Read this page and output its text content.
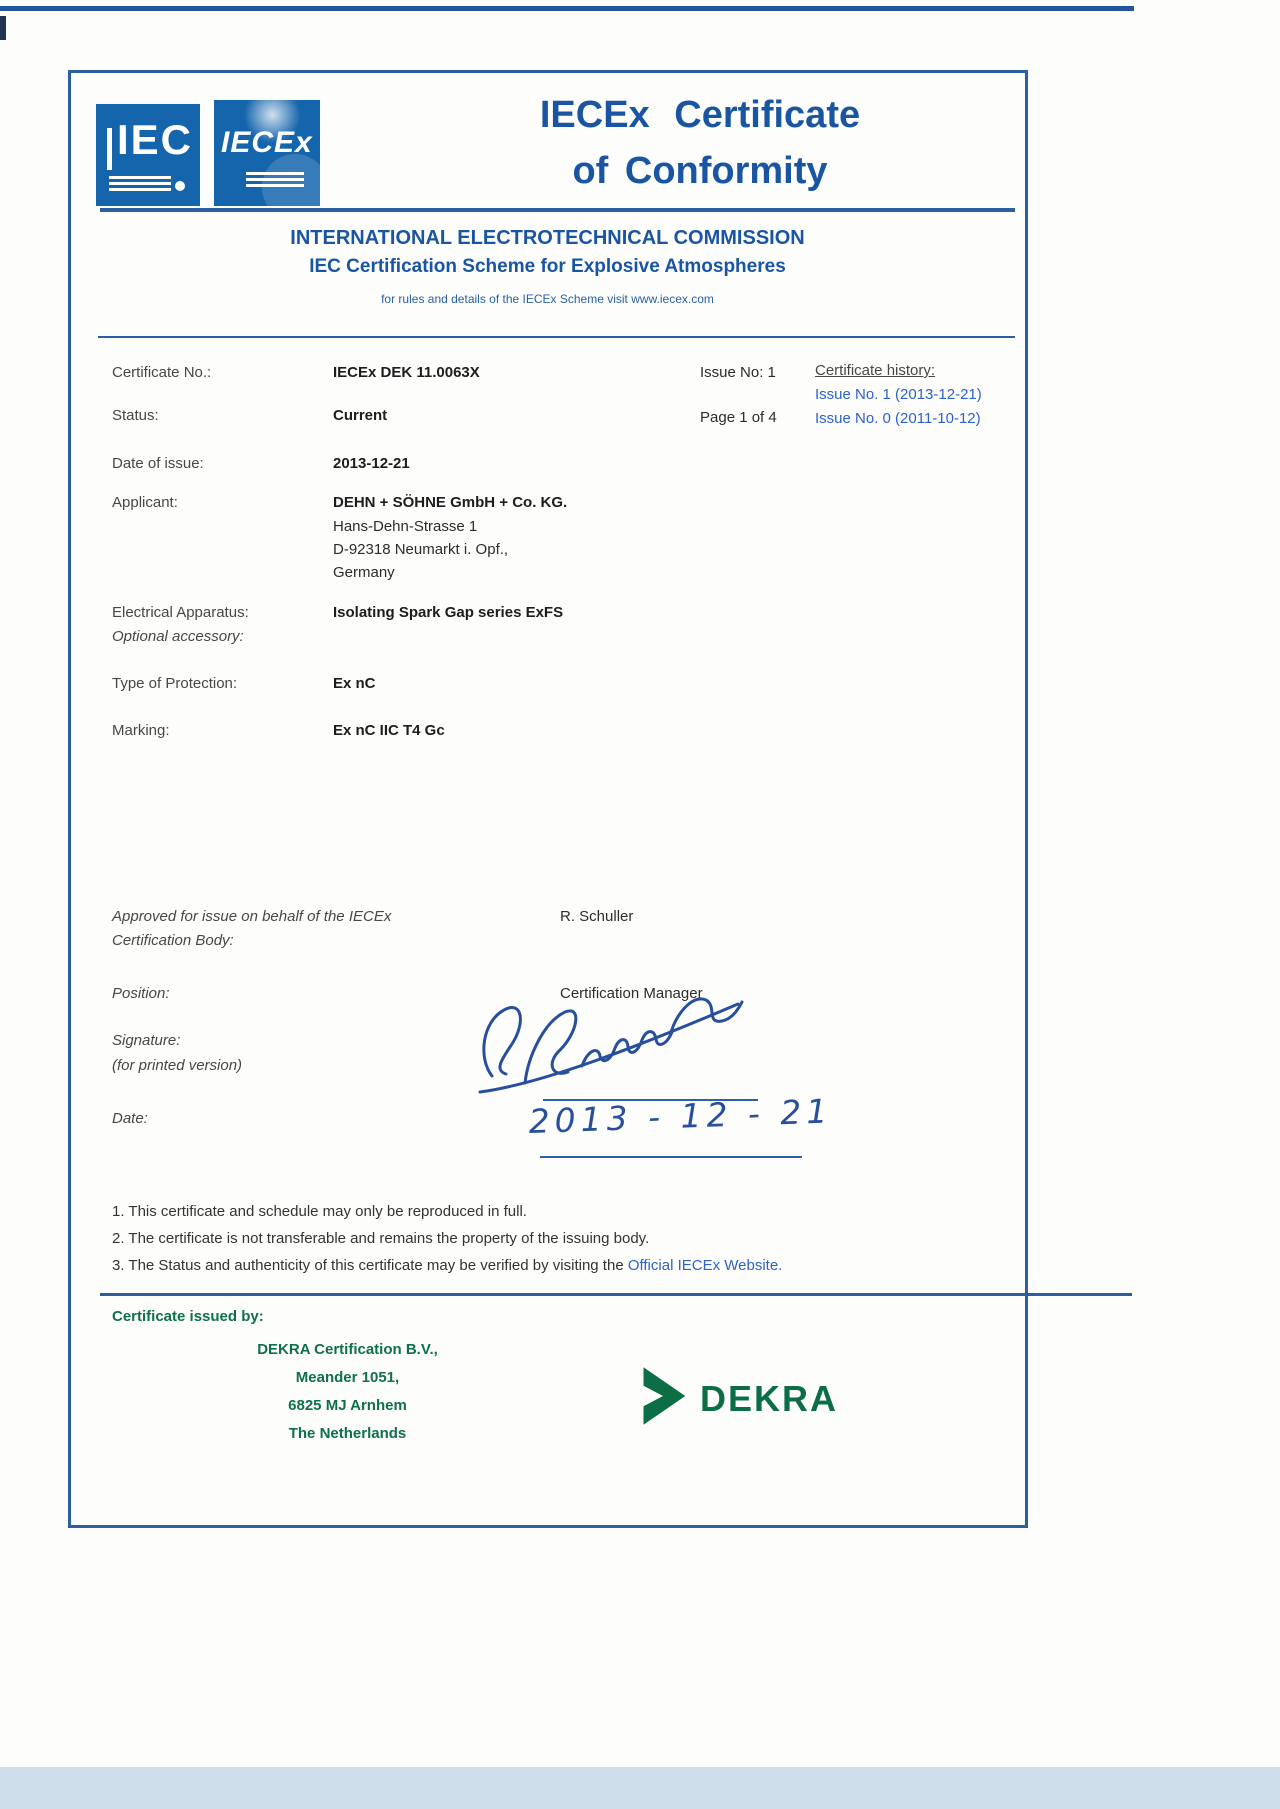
IEC IECEx
IECEx Certificate
of Conformity
INTERNATIONAL ELECTROTECHNICAL COMMISSION
IEC Certification Scheme for Explosive Atmospheres
for rules and details of the IECEx Scheme visit www.iecex.com
Certificate No.:	IECEx DEK 11.0063X	Issue No: 1	Certificate history:
Issue No. 1 (2013-12-21)
Status:	Current	Page 1 of 4	Issue No. 0 (2011-10-12)
Date of issue:	2013-12-21
Applicant:	DEHN + SÖHNE GmbH + Co. KG.
Hans-Dehn-Strasse 1
D-92318 Neumarkt i. Opf.,
Germany
Electrical Apparatus:	Isolating Spark Gap series ExFS
Optional accessory:
Type of Protection:	Ex nC
Marking:	Ex nC IIC T4 Gc
Approved for issue on behalf of the IECEx
Certification Body:
R. Schuller
Position:	Certification Manager
Signature:
(for printed version)
Date:	2013 - 12 - 21
1. This certificate and schedule may only be reproduced in full.
2. The certificate is not transferable and remains the property of the issuing body.
3. The Status and authenticity of this certificate may be verified by visiting the Official IECEx Website.
Certificate issued by:
DEKRA Certification B.V.,
Meander 1051,
6825 MJ Arnhem
The Netherlands
DEKRA
